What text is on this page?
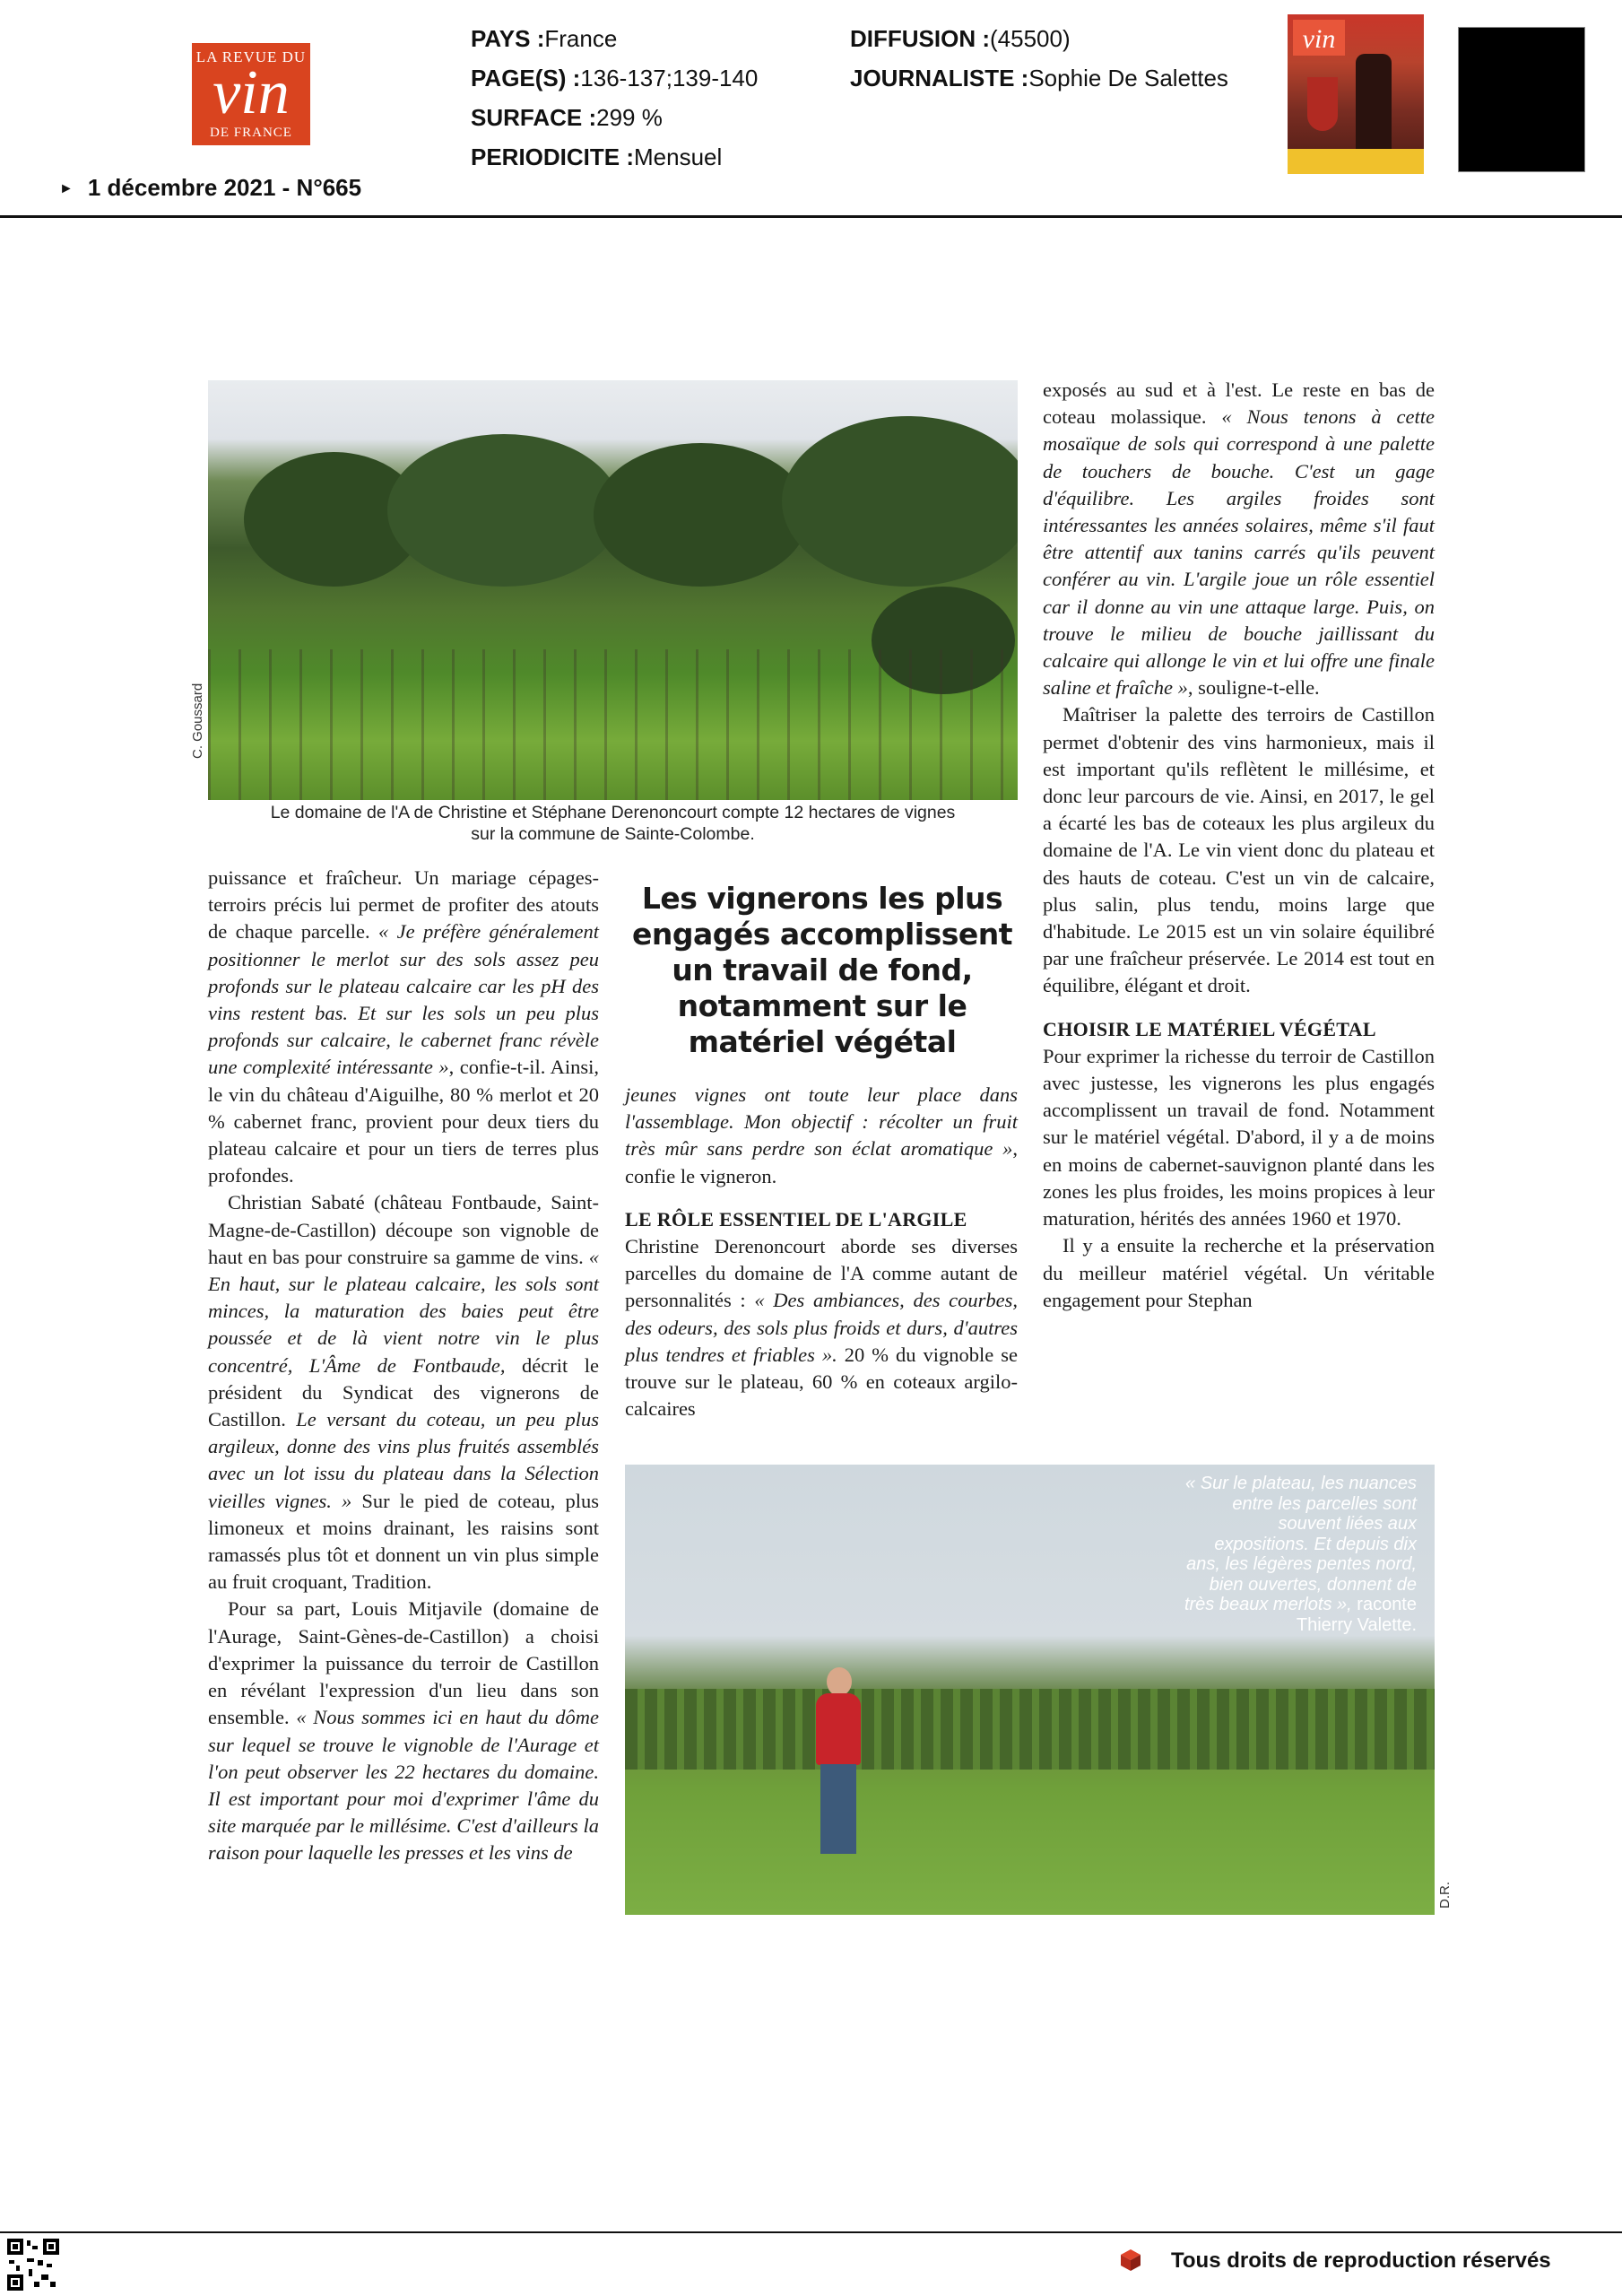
LA REVUE DU
vin
DE FRANCE
► 1 décembre 2021 - N°665
PAYS :France
PAGE(S) :136-137;139-140
SURFACE :299 %
PERIODICITE :Mensuel
DIFFUSION :(45500)
JOURNALISTE :Sophie De Salettes
vin
C. Goussard
Le domaine de l'A de Christine et Stéphane Derenoncourt compte 12 hectares de vignes
sur la commune de Sainte-Colombe.

puissance et fraîcheur. Un mariage cépages-terroirs précis lui permet de profiter des atouts de chaque parcelle. « Je préfère généralement positionner le merlot sur des sols assez peu profonds sur le plateau calcaire car les pH des vins restent bas. Et sur les sols un peu plus profonds sur calcaire, le cabernet franc révèle une complexité intéressante », confie-t-il. Ainsi, le vin du château d'Aiguilhe, 80 % merlot et 20 % cabernet franc, provient pour deux tiers du plateau calcaire et pour un tiers de terres plus profondes.

Christian Sabaté (château Fontbaude, Saint-Magne-de-Castillon) découpe son vignoble de haut en bas pour construire sa gamme de vins. « En haut, sur le plateau calcaire, les sols sont minces, la maturation des baies peut être poussée et de là vient notre vin le plus concentré, L'Âme de Fontbaude, décrit le président du Syndicat des vignerons de Castillon. Le versant du coteau, un peu plus argileux, donne des vins plus fruités assemblés avec un lot issu du plateau dans la Sélection vieilles vignes. » Sur le pied de coteau, plus limoneux et moins drainant, les raisins sont ramassés plus tôt et donnent un vin plus simple au fruit croquant, Tradition.

Pour sa part, Louis Mitjavile (domaine de l'Aurage, Saint-Gènes-de-Castillon) a choisi d'exprimer la puissance du terroir de Castillon en révélant l'expression d'un lieu dans son ensemble. « Nous sommes ici en haut du dôme sur lequel se trouve le vignoble de l'Aurage et l'on peut observer les 22 hectares du domaine. Il est important pour moi d'exprimer l'âme du site marquée par le millésime. C'est d'ailleurs la raison pour laquelle les presses et les vins de

Les vignerons les plus engagés accomplissent un travail de fond, notamment sur le matériel végétal

jeunes vignes ont toute leur place dans l'assemblage. Mon objectif : récolter un fruit très mûr sans perdre son éclat aromatique », confie le vigneron.

LE RÔLE ESSENTIEL DE L'ARGILE

Christine Derenoncourt aborde ses diverses parcelles du domaine de l'A comme autant de personnalités : « Des ambiances, des courbes, des odeurs, des sols plus froids et durs, d'autres plus tendres et friables ». 20 % du vignoble se trouve sur le plateau, 60 % en coteaux argilo-calcaires

exposés au sud et à l'est. Le reste en bas de coteau molassique. « Nous tenons à cette mosaïque de sols qui correspond à une palette de touchers de bouche. C'est un gage d'équilibre. Les argiles froides sont intéressantes les années solaires, même s'il faut être attentif aux tanins carrés qu'ils peuvent conférer au vin. L'argile joue un rôle essentiel car il donne au vin une attaque large. Puis, on trouve le milieu de bouche jaillissant du calcaire qui allonge le vin et lui offre une finale saline et fraîche », souligne-t-elle.

Maîtriser la palette des terroirs de Castillon permet d'obtenir des vins harmonieux, mais il est important qu'ils reflètent le millésime, et donc leur parcours de vie. Ainsi, en 2017, le gel a écarté les bas de coteaux les plus argileux du domaine de l'A. Le vin vient donc du plateau et des hauts de coteau. C'est un vin de calcaire, plus salin, plus tendu, moins large que d'habitude. Le 2015 est un vin solaire équilibré par une fraîcheur préservée. Le 2014 est tout en équilibre, élégant et droit.

CHOISIR LE MATÉRIEL VÉGÉTAL

Pour exprimer la richesse du terroir de Castillon avec justesse, les vignerons les plus engagés accomplissent un travail de fond. Notamment sur le matériel végétal. D'abord, il y a de moins en moins de cabernet-sauvignon planté dans les zones les plus froides, les moins propices à leur maturation, hérités des années 1960 et 1970.

Il y a ensuite la recherche et la préservation du meilleur matériel végétal. Un véritable engagement pour Stephan

« Sur le plateau, les nuances entre les parcelles sont souvent liées aux expositions. Et depuis dix ans, les légères pentes nord, bien ouvertes, donnent de très beaux merlots », raconte Thierry Valette.
D.R.
Tous droits de reproduction réservés
